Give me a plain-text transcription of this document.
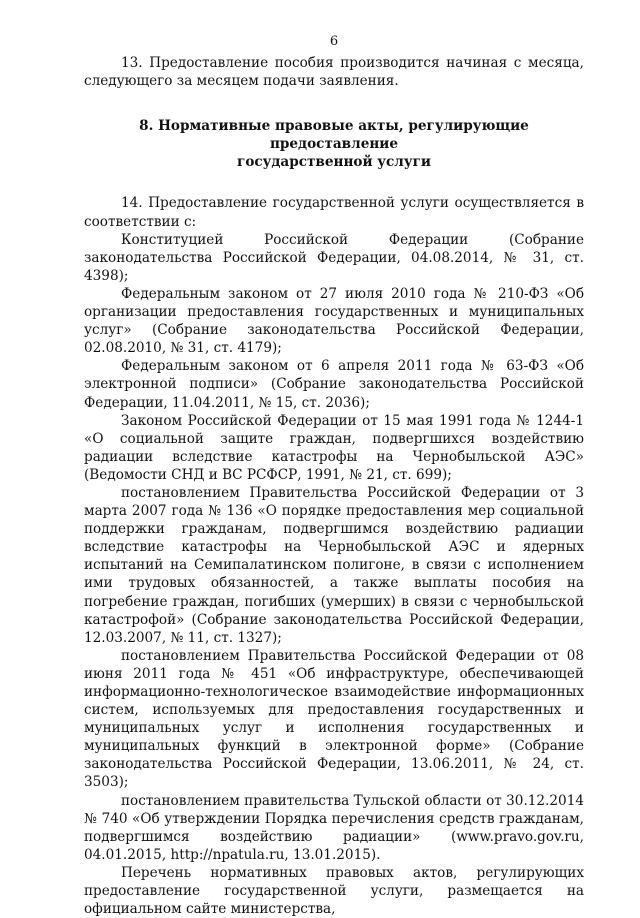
6

13. Предоставление пособия производится начиная с месяца, следующего за месяцем подачи заявления.

8. Нормативные правовые акты, регулирующие предоставление
государственной услуги

14. Предоставление государственной услуги осуществляется в соответствии с:

Конституцией Российской Федерации (Собрание законодательства Российской Федерации, 04.08.2014, № 31, ст. 4398);

Федеральным законом от 27 июля 2010 года № 210-ФЗ «Об организации предоставления государственных и муниципальных услуг» (Собрание законодательства Российской Федерации, 02.08.2010, № 31, ст. 4179);

Федеральным законом от 6 апреля 2011 года № 63-ФЗ «Об электронной подписи» (Собрание законодательства Российской Федерации, 11.04.2011, № 15, ст. 2036);

Законом Российской Федерации от 15 мая 1991 года № 1244-1 «О социальной защите граждан, подвергшихся воздействию радиации вследствие катастрофы на Чернобыльской АЭС» (Ведомости СНД и ВС РСФСР, 1991, № 21, ст. 699);

постановлением Правительства Российской Федерации от 3 марта 2007 года № 136 «О порядке предоставления мер социальной поддержки гражданам, подвергшимся воздействию радиации вследствие катастрофы на Чернобыльской АЭС и ядерных испытаний на Семипалатинском полигоне, в связи с исполнением ими трудовых обязанностей, а также выплаты пособия на погребение граждан, погибших (умерших) в связи с чернобыльской катастрофой» (Собрание законодательства Российской Федерации, 12.03.2007, № 11, ст. 1327);

постановлением Правительства Российской Федерации от 08 июня 2011 года № 451 «Об инфраструктуре, обеспечивающей информационно-технологическое взаимодействие информационных систем, используемых для предоставления государственных и муниципальных услуг и исполнения государственных и муниципальных функций в электронной форме» (Собрание законодательства Российской Федерации, 13.06.2011, № 24, ст. 3503);

постановлением правительства Тульской области от 30.12.2014 № 740 «Об утверждении Порядка перечисления средств гражданам, подвергшимся воздействию радиации» (www.pravo.gov.ru, 04.01.2015, http://npatula.ru, 13.01.2015).

Перечень нормативных правовых актов, регулирующих предоставление государственной услуги, размещается на официальном сайте министерства,
